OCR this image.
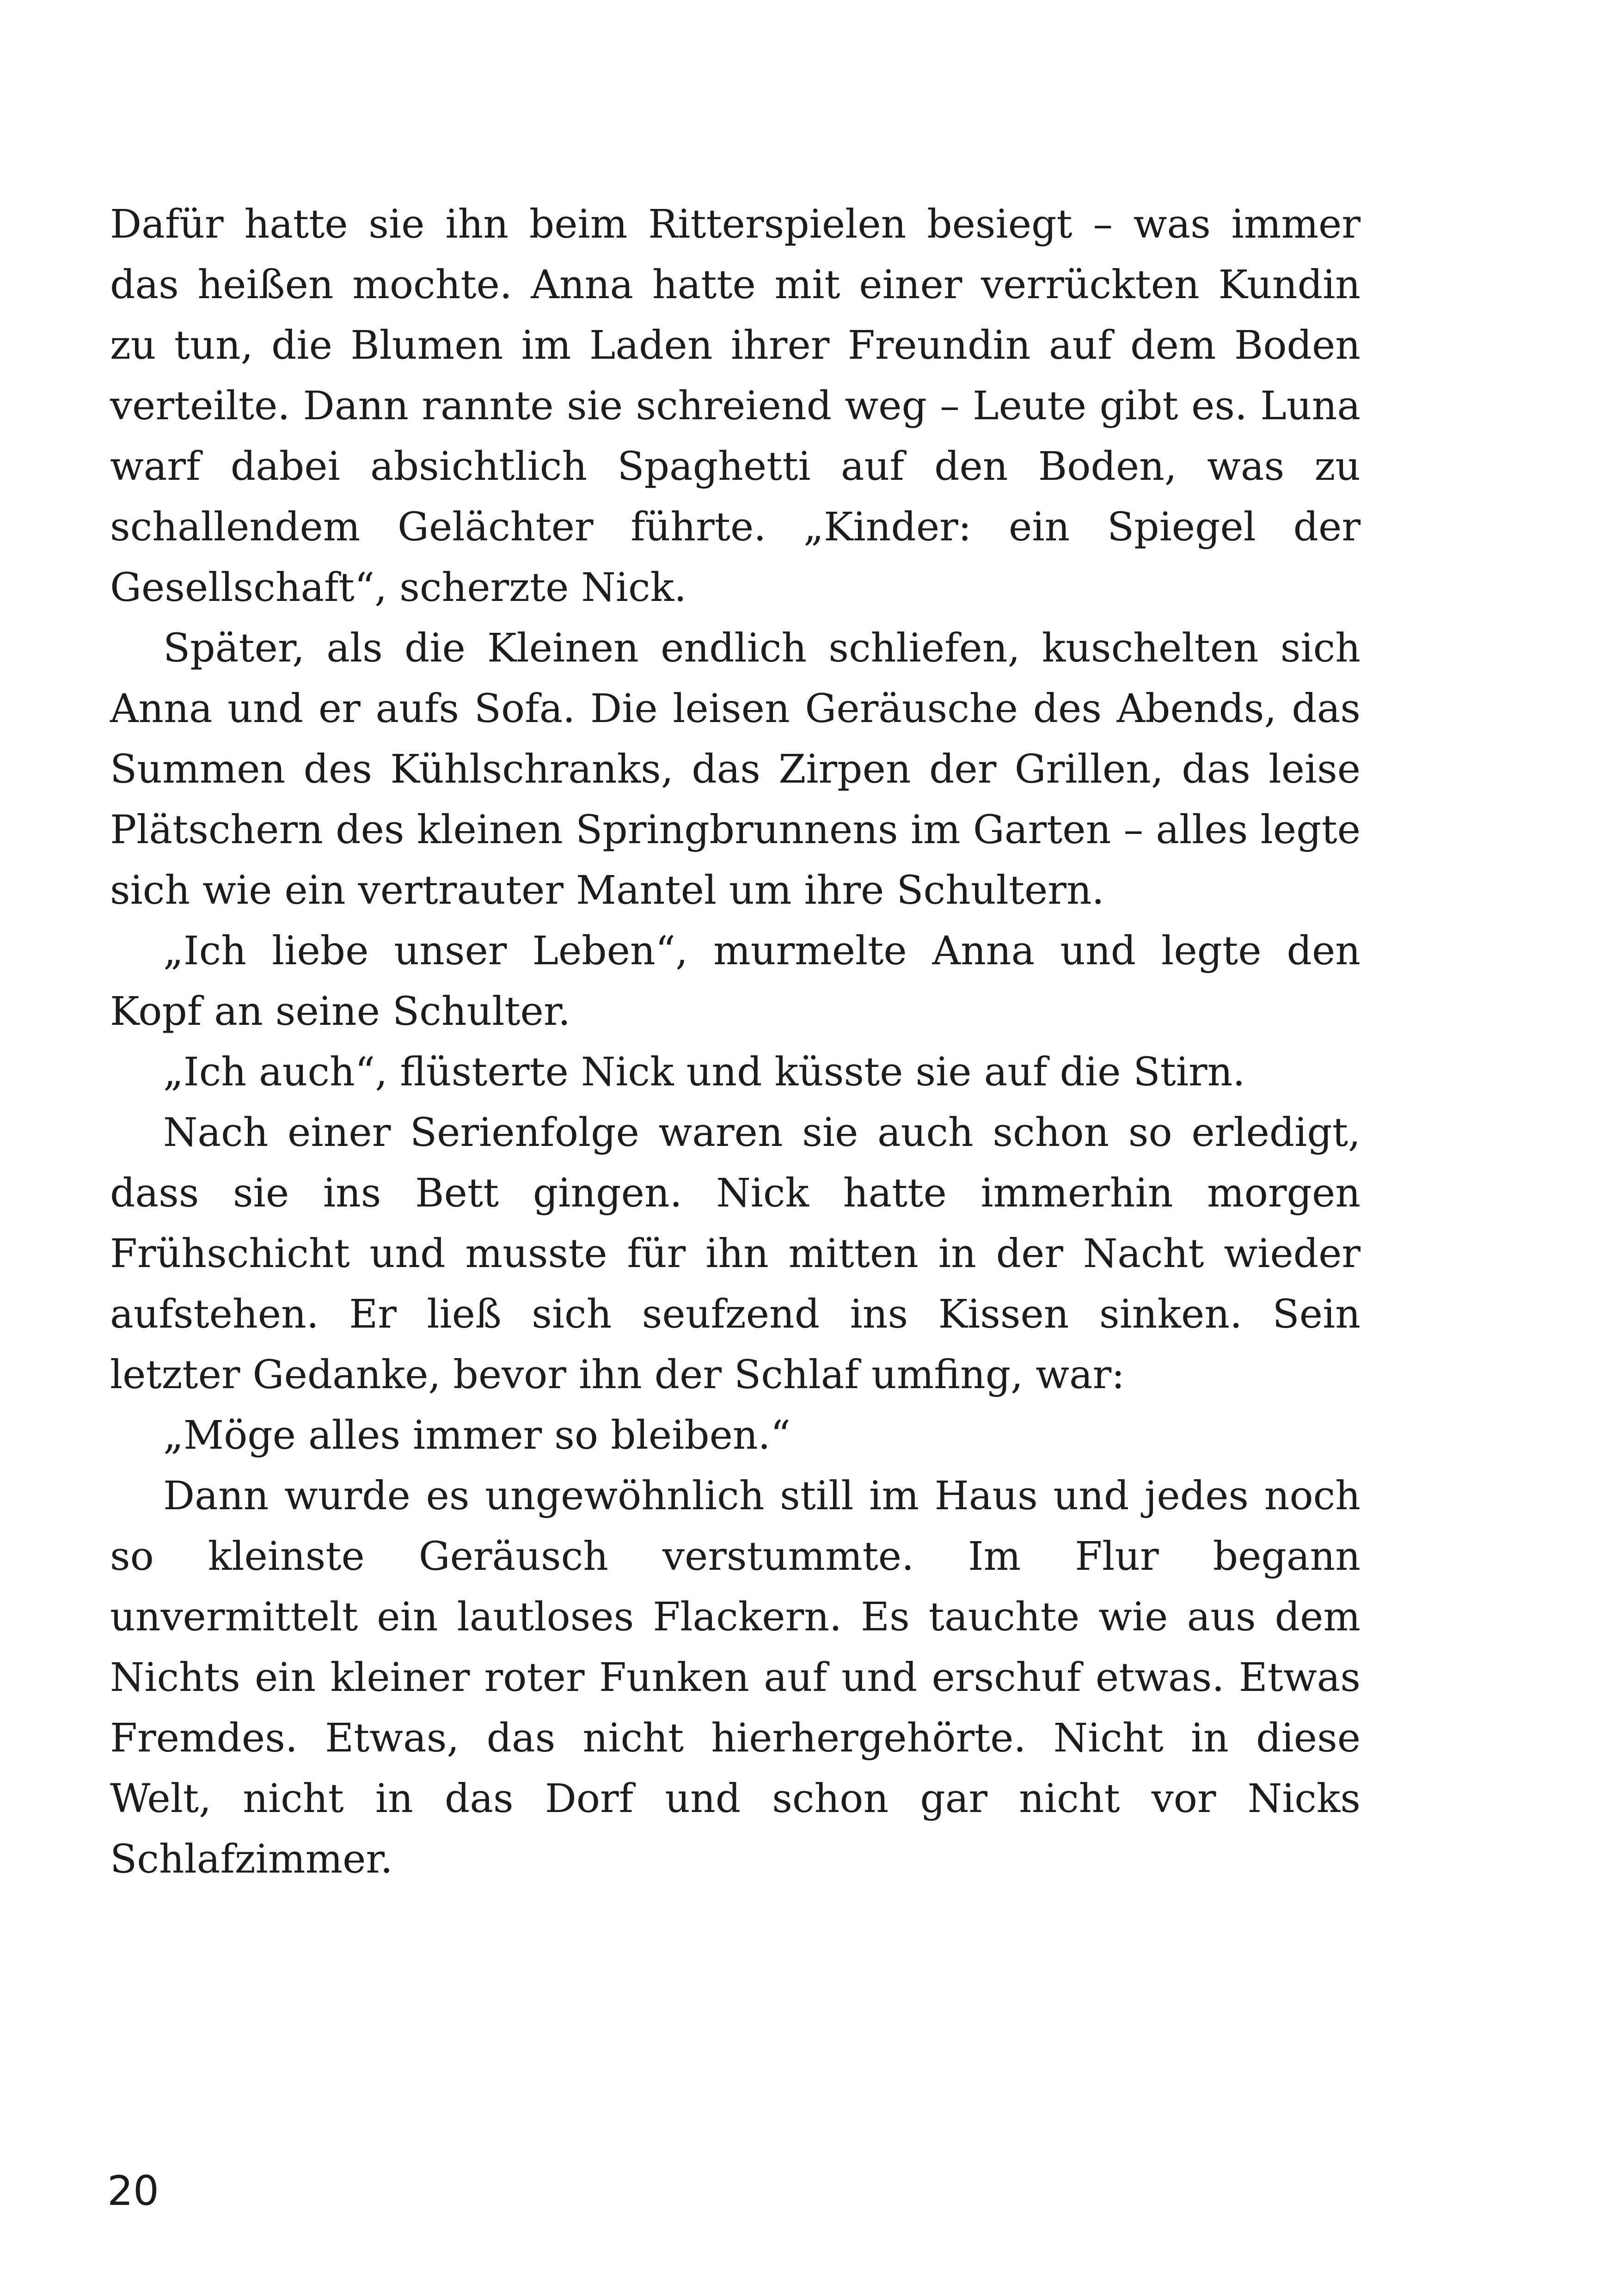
Dafür hatte sie ihn beim Ritterspielen besiegt – was immer das heißen mochte. Anna hatte mit einer verrückten Kundin zu tun, die Blumen im Laden ihrer Freundin auf dem Boden verteilte. Dann rannte sie schreiend weg – Leute gibt es. Luna warf dabei absichtlich Spaghetti auf den Boden, was zu schallendem Gelächter führte. „Kinder: ein Spiegel der Gesellschaft“, scherzte Nick.

Später, als die Kleinen endlich schliefen, kuschelten sich Anna und er aufs Sofa. Die leisen Geräusche des Abends, das Summen des Kühlschranks, das Zirpen der Grillen, das leise Plätschern des kleinen Springbrunnens im Garten – alles legte sich wie ein vertrauter Mantel um ihre Schultern.

„Ich liebe unser Leben“, murmelte Anna und legte den Kopf an seine Schulter.

„Ich auch“, flüsterte Nick und küsste sie auf die Stirn.

Nach einer Serienfolge waren sie auch schon so erledigt, dass sie ins Bett gingen. Nick hatte immerhin morgen Frühschicht und musste für ihn mitten in der Nacht wieder aufstehen. Er ließ sich seufzend ins Kissen sinken. Sein letzter Gedanke, bevor ihn der Schlaf umfing, war:

„Möge alles immer so bleiben.“

Dann wurde es ungewöhnlich still im Haus und jedes noch so kleinste Geräusch verstummte. Im Flur begann unvermittelt ein lautloses Flackern. Es tauchte wie aus dem Nichts ein kleiner roter Funken auf und erschuf etwas. Etwas Fremdes. Etwas, das nicht hierhergehörte. Nicht in diese Welt, nicht in das Dorf und schon gar nicht vor Nicks Schlafzimmer.

20
